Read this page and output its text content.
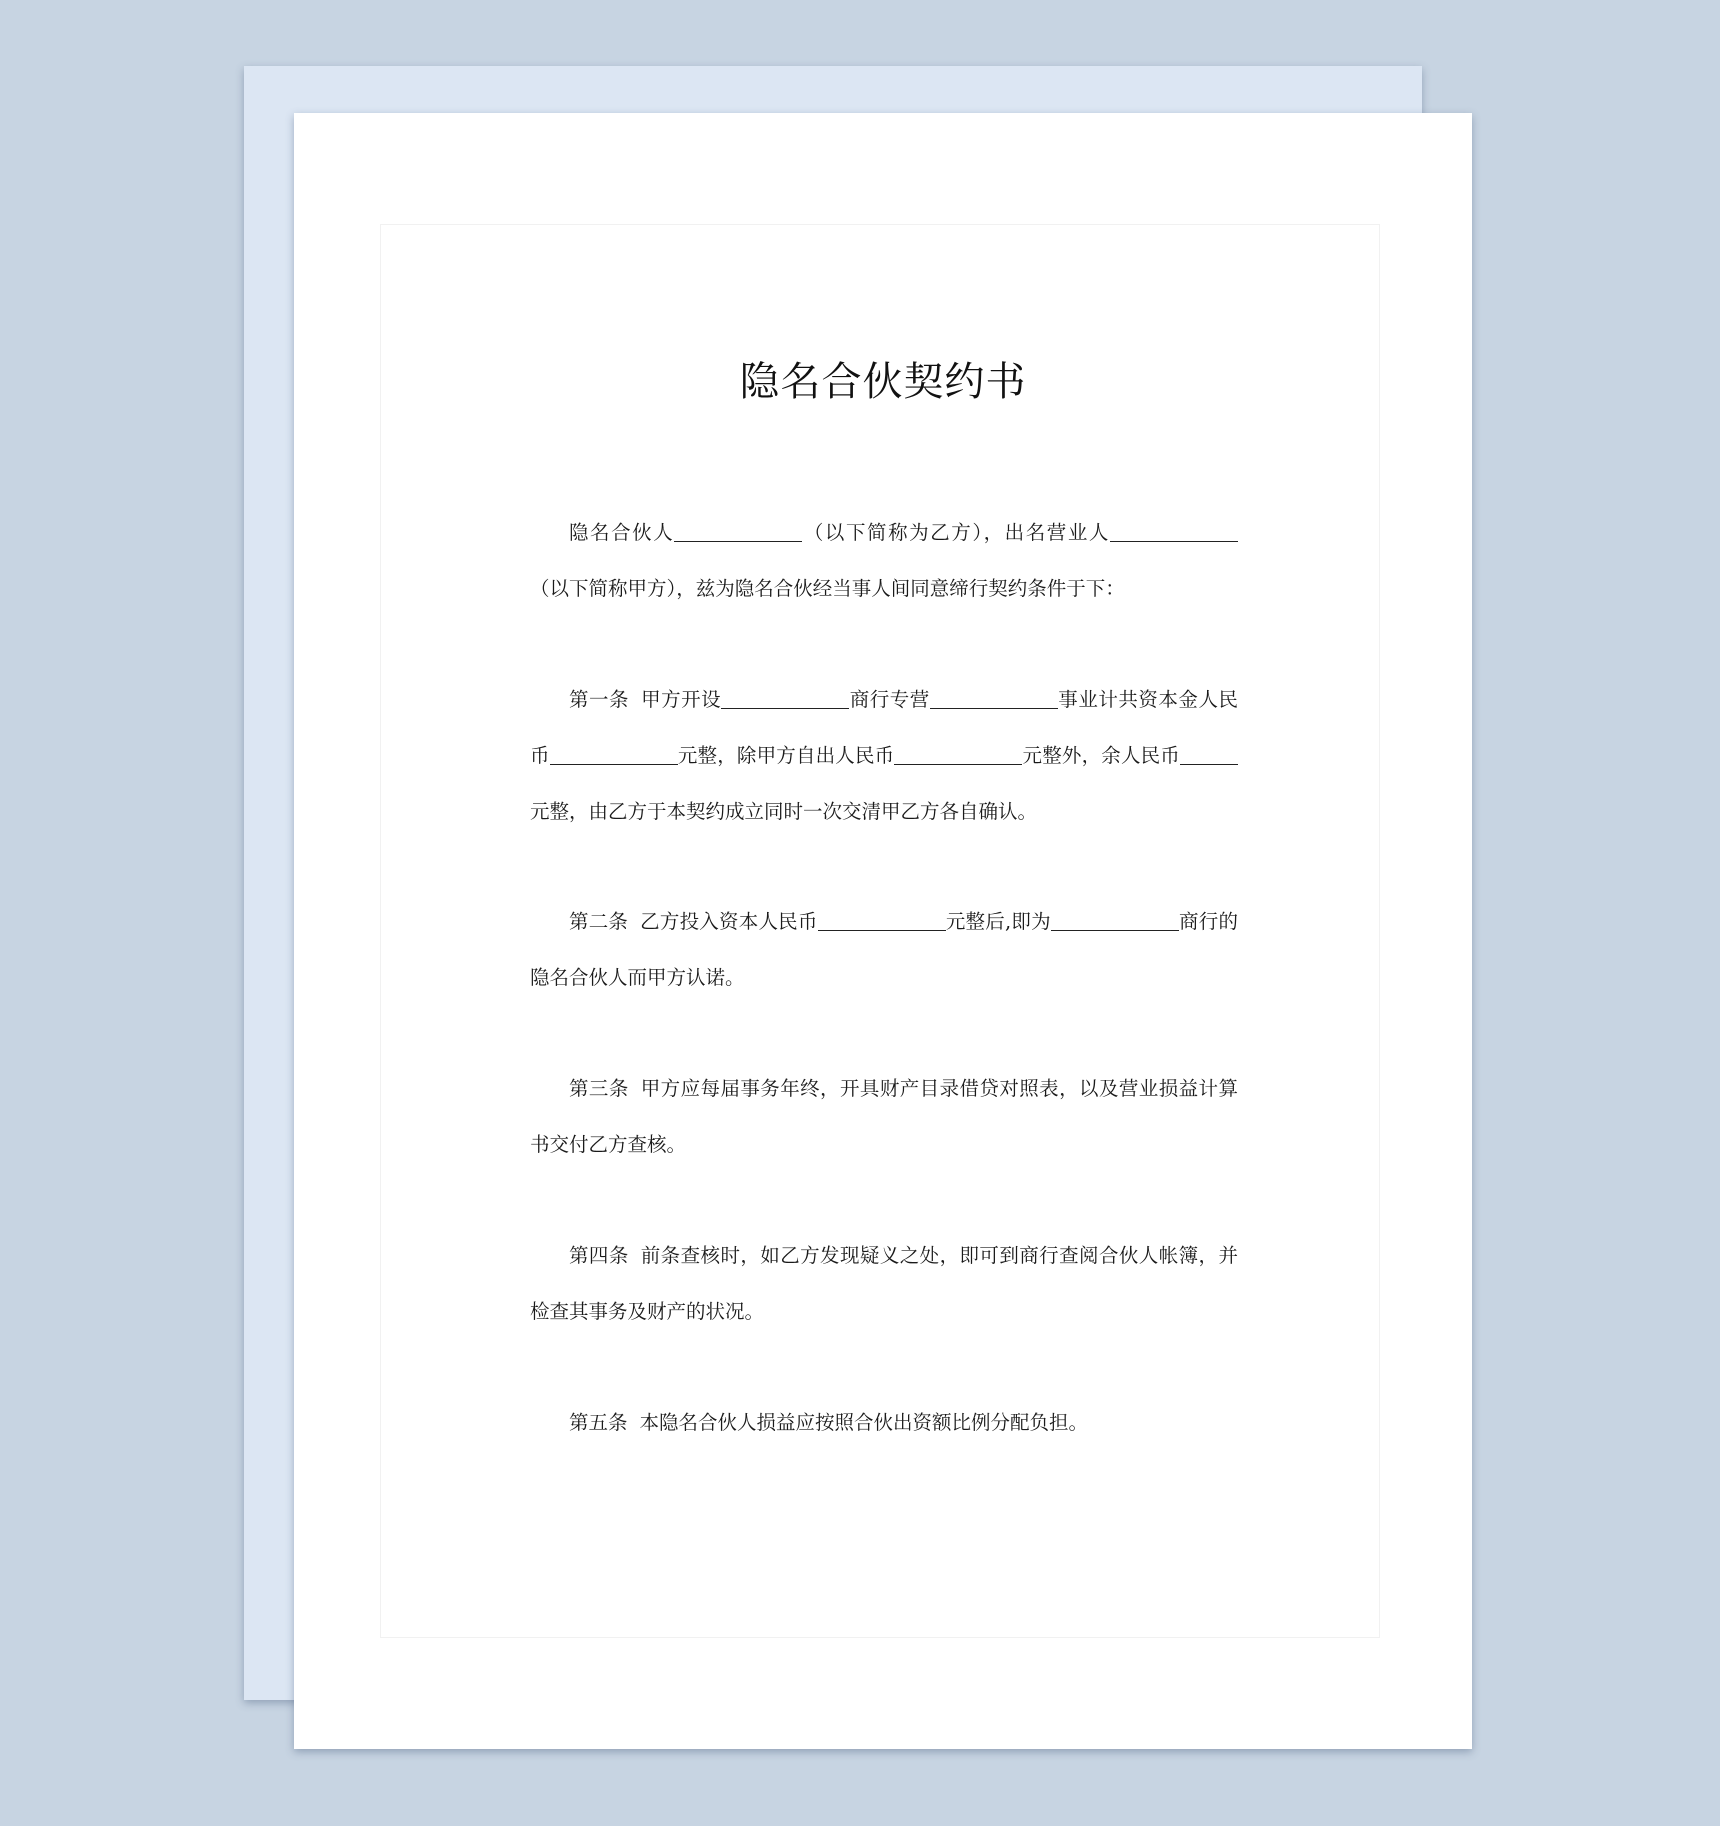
隐名合伙契约书

隐名合伙人	（以下简称为乙方），出名营业人（以下简称甲方），兹为隐名合伙经当事人间同意缔行契约条件于下：

第一条 甲方开设	商行专营	事业计共资本金人民币	元整，除甲方自出人民币	元整外，余人民币元整，由乙方于本契约成立同时一次交清甲乙方各自确认。

第二条 乙方投入资本人民币	元整后,即为	商行的隐名合伙人而甲方认诺。

第三条 甲方应每届事务年终，开具财产目录借贷对照表，以及营业损益计算书交付乙方查核。

第四条 前条查核时，如乙方发现疑义之处，即可到商行查阅合伙人帐簿，并检查其事务及财产的状况。

第五条 本隐名合伙人损益应按照合伙出资额比例分配负担。
